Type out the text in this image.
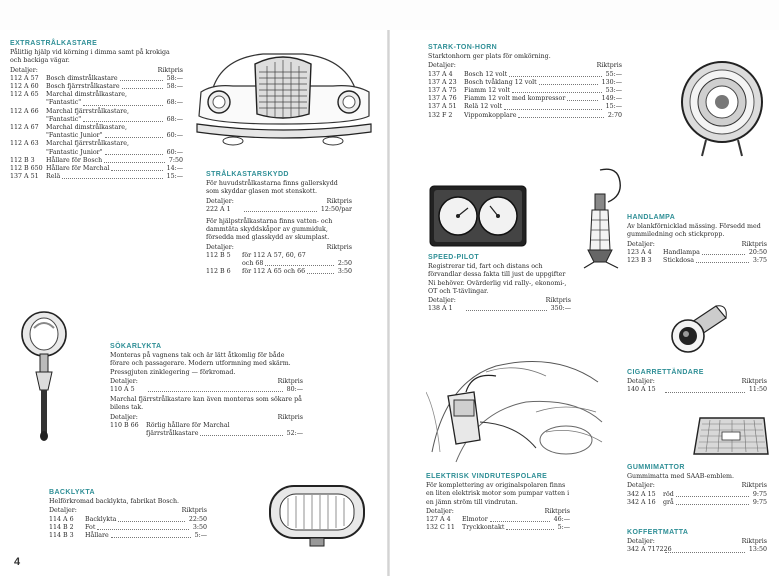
EXTRASTRÅLKASTARE
Pålitlig hjälp vid körning i dimma samt på krokiga och backiga vägar.
Detaljer:	Riktpris
112 A 57	Bosch dimstrålkastare	58:—
112 A 60	Bosch fjärrstrålkastare	58:—
112 A 65	Marchal dimstrålkastare,
"Fantastic"	68:—
112 A 66	Marchal fjärrstrålkastare,
"Fantastic"	68:—
112 A 67	Marchal dimstrålkastare,
"Fantastic Junior"	60:—
112 A 63	Marchal fjärrstrålkastare,
"Fantastic Junior"	60:—
112 B 3	Hållare för Bosch	7:50
112 B 650 Hållare för Marchal	14:—
137 A 51	Relä	15:—	STRÅLKASTARSKYDD
För huvudstrålkastarna finns gallerskydd som skyddar glasen mot stenskott.
Detaljer:	Riktpris
222 A 1	12:50/par
För hjälpstrålkastarna finns vatten- och dammtäta skyddskåpor av gummiduk, försedda med glasskydd av skumplast.
Detaljer:	Riktpris
112 B 5	för 112 A 57, 60, 67
och 68	2:50
112 B 6	för 112 A 65 och 66	3:50
SÖKARLYKTA
Monteras på vagnens tak och är lätt åtkomlig för både förare och passagerare. Modern utformning med skärm. Pressgjuten zinklegering — förkromad.
Detaljer:	Riktpris
110 A 5	80:—
Marchal fjärrstrålkastare kan även monteras som sökare på bilens tak.
Detaljer:	Riktpris
110 B 66	Rörlig hållare för Marchal
fjärrstrålkastare	52:—
BACKLYKTA
Helförkromad backlykta, fabrikat Bosch.
Detaljer:	Riktpris
114 A 6	Backlykta	22:50
114 B 2	Fot	3:50
114 B 3	Hållare	5:—
4
STARK-TON-HORN
Starktonhorn ger plats för omkörning.
Detaljer:	Riktpris
137 A 4	Bosch 12 volt	55:—
137 A 23	Bosch tvåklang 12 volt	130:—
137 A 75	Fiamm 12 volt	53:—
137 A 76	Fiamm 12 volt med kompressor	149:—
137 A 51	Relä 12 volt	15:—
132 F 2	Vippomkopplare	2:70
SPEED-PILOT
Registrerar tid, fart och distans och förvandlar dessa fakta till just de uppgifter Ni behöver. Ovärderlig vid rally-, ekonomi-, OT och T-tävlingar.
Detaljer:	Riktpris
138 A 1	350:—
HANDLAMPA
Av blankförnicklad mässing. Försedd med gummiledning och stickpropp.
Detaljer:	Riktpris
123 A 4	Handlampa	20:50
123 B 3	Stickdosa	3:75
CIGARRETTÄNDARE
Detaljer:	Riktpris
140 A 15	11:50
ELEKTRISK VINDRUTESPOLARE
För komplettering av originalspolaren finns en liten elektrisk motor som pumpar vatten i en jämn ström till vindrutan.
Detaljer:	Riktpris
127 A 4	Elmotor	46:—
132 C 11	Tryckkontakt	5:—
GUMMIMATTOR
Gummimatta med SAAB-emblem.
Detaljer:	Riktpris
342 A 15	röd	9:75
342 A 16	grå	9:75
KOFFERTMATTA
Detaljer:	Riktpris
342 A 717226	13:50
